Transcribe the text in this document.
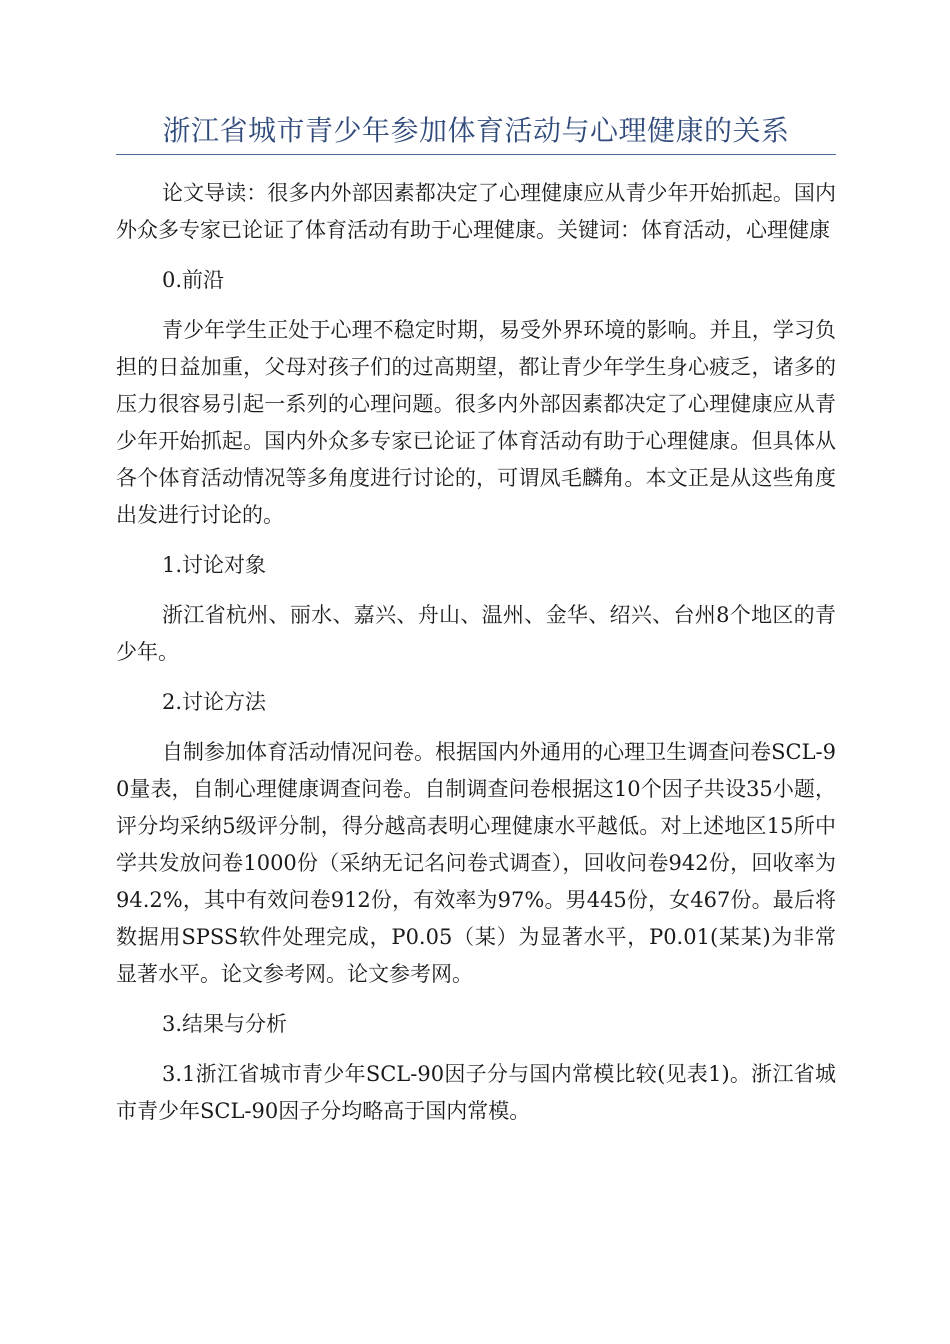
浙江省城市青少年参加体育活动与心理健康的关系

论文导读：很多内外部因素都决定了心理健康应从青少年开始抓起。国内外众多专家已论证了体育活动有助于心理健康。关键词：体育活动，心理健康

0.前沿

青少年学生正处于心理不稳定时期，易受外界环境的影响。并且，学习负担的日益加重，父母对孩子们的过高期望，都让青少年学生身心疲乏，诸多的压力很容易引起一系列的心理问题。很多内外部因素都决定了心理健康应从青少年开始抓起。国内外众多专家已论证了体育活动有助于心理健康。但具体从各个体育活动情况等多角度进行讨论的，可谓凤毛麟角。本文正是从这些角度出发进行讨论的。

1.讨论对象

浙江省杭州、丽水、嘉兴、舟山、温州、金华、绍兴、台州8个地区的青少年。

2.讨论方法

自制参加体育活动情况问卷。根据国内外通用的心理卫生调查问卷SCL-90量表，自制心理健康调查问卷。自制调查问卷根据这10个因子共设35小题，评分均采纳5级评分制，得分越高表明心理健康水平越低。对上述地区15所中学共发放问卷1000份（采纳无记名问卷式调查），回收问卷942份，回收率为94.2%，其中有效问卷912份，有效率为97%。男445份，女467份。最后将数据用SPSS软件处理完成，P0.05（某）为显著水平，P0.01(某某)为非常显著水平。论文参考网。论文参考网。

3.结果与分析

3.1浙江省城市青少年SCL-90因子分与国内常模比较(见表1)。浙江省城市青少年SCL-90因子分均略高于国内常模。
